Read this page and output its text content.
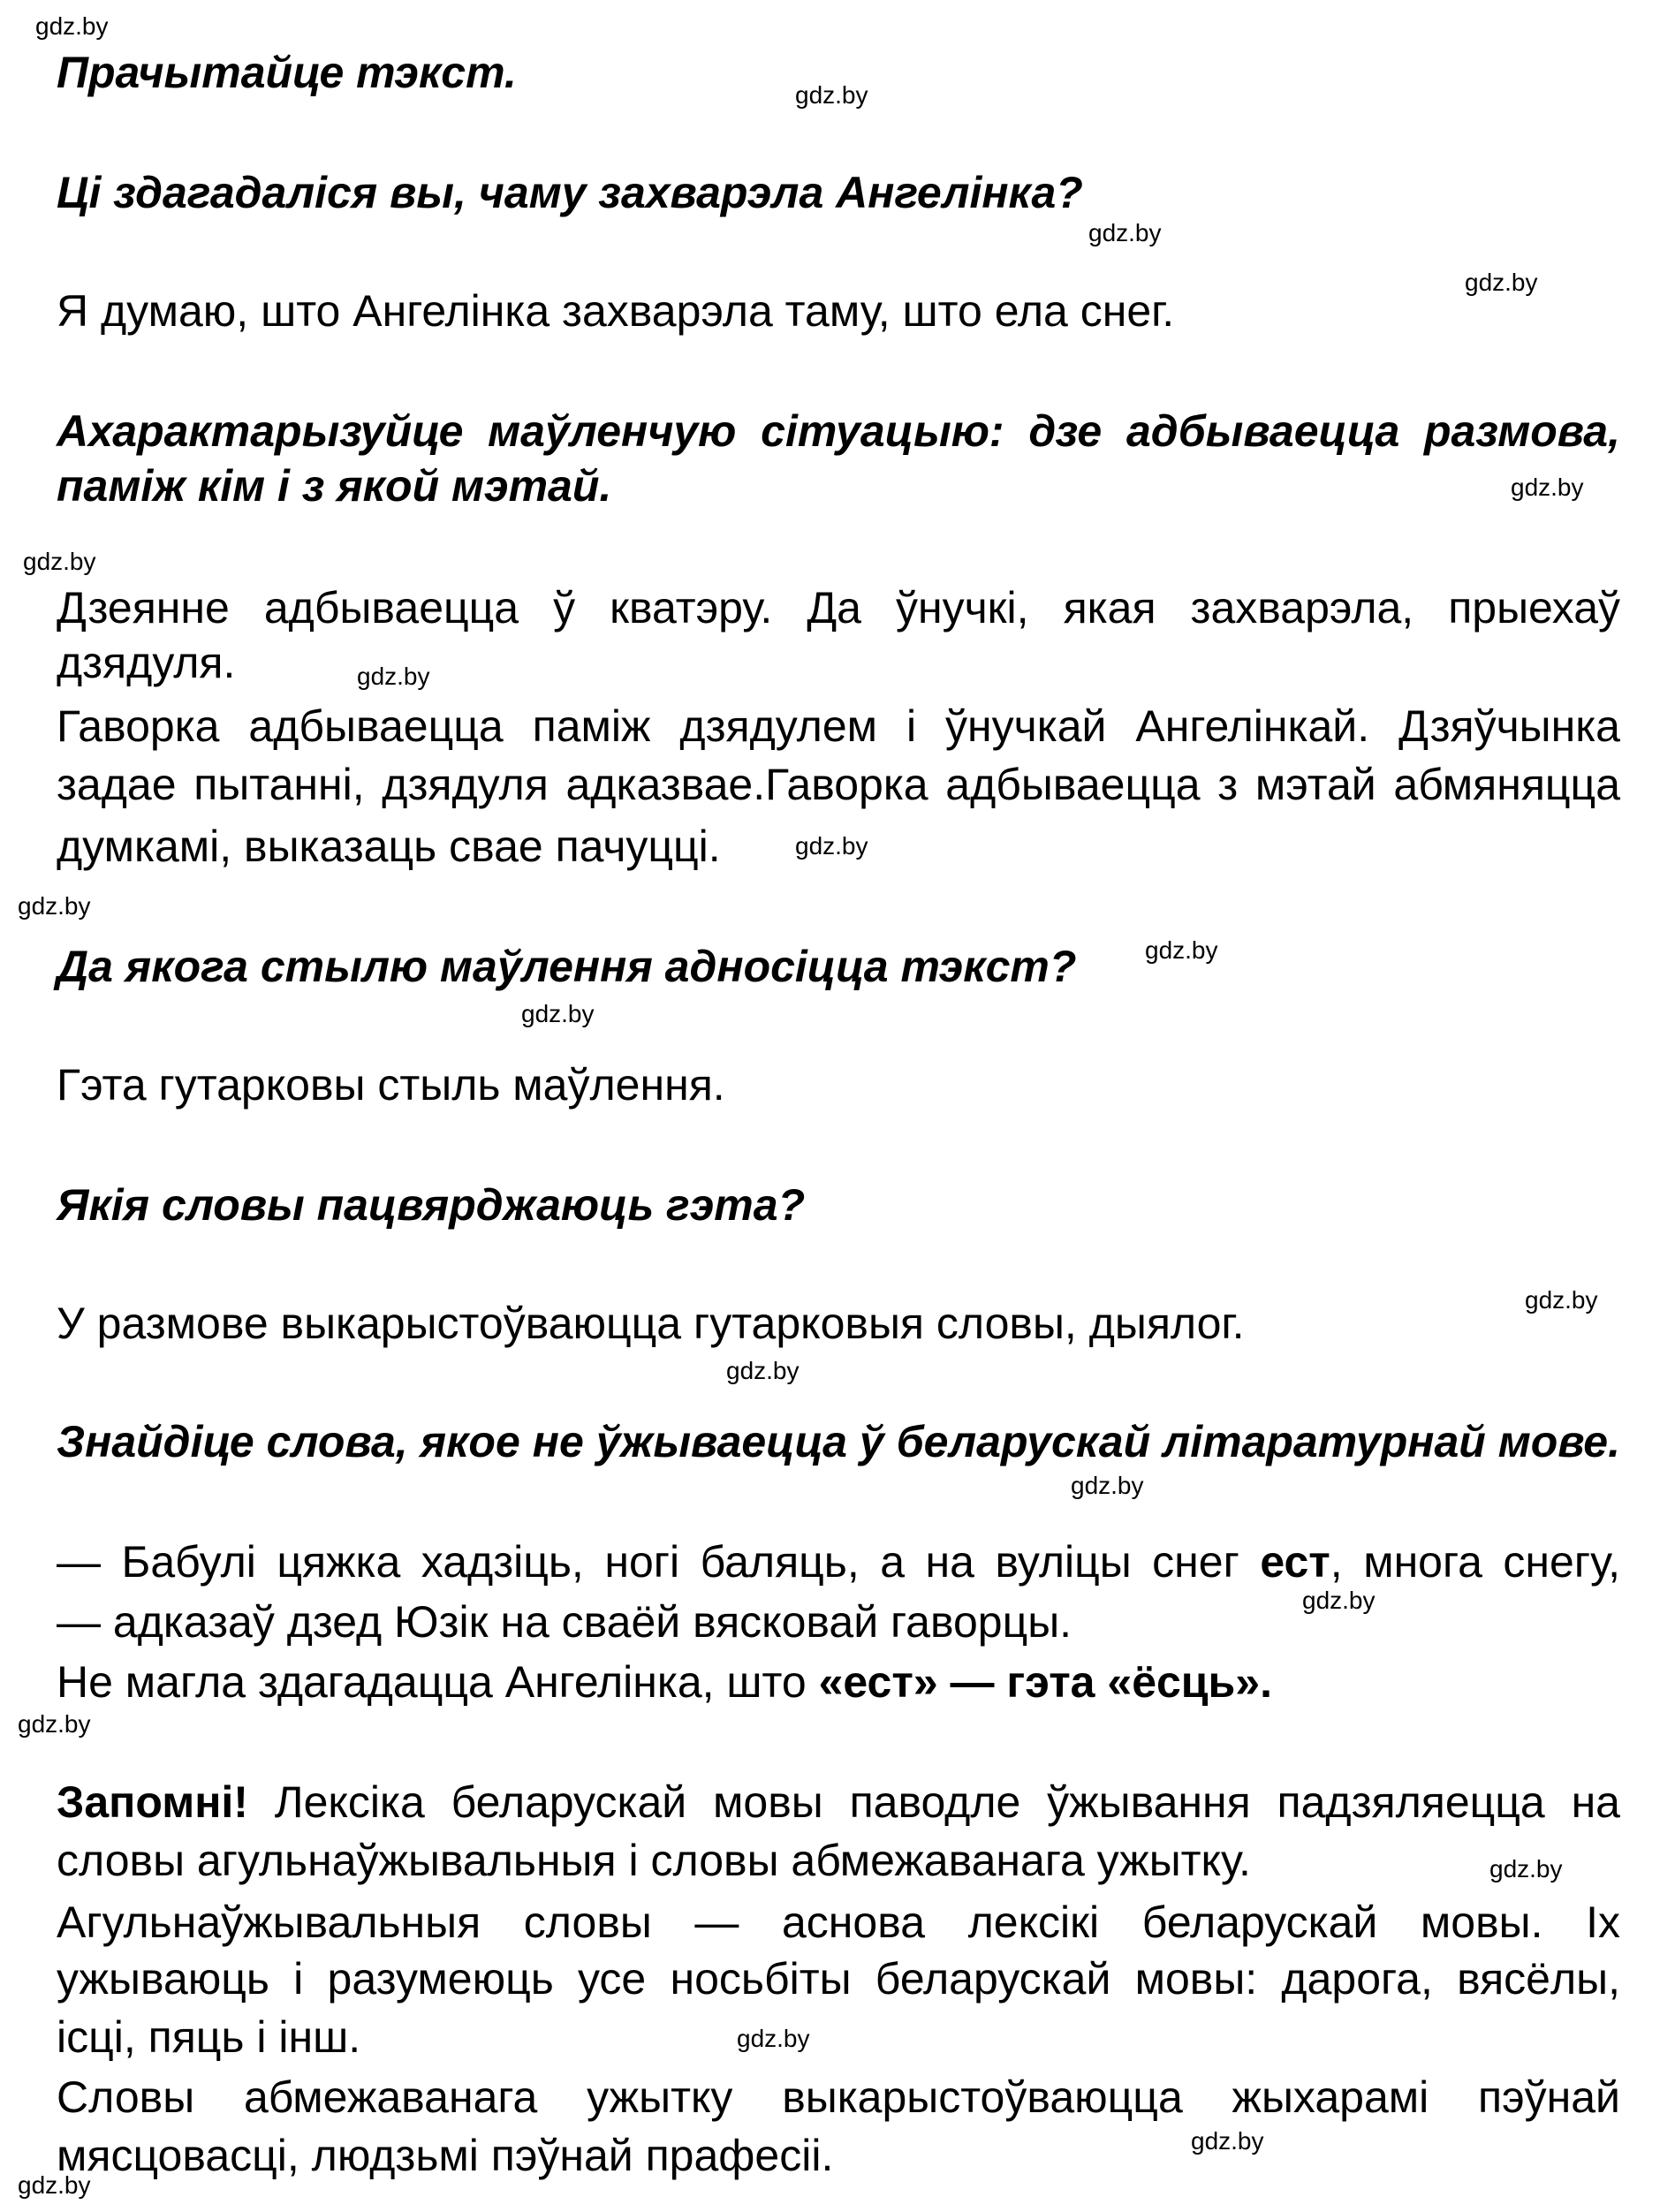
gdz.by
gdz.by
gdz.by
gdz.by
gdz.by
gdz.by
gdz.by
gdz.by
gdz.by
gdz.by
gdz.by
gdz.by
gdz.by
gdz.by
gdz.by
gdz.by
gdz.by
gdz.by
gdz.by
gdz.by

Прачытайце тэкст.

Ці здагадаліся вы, чаму захварэла Ангелінка?

Я думаю, што Ангелінка захварэла таму, што ела снег.

Ахарактарызуйце маўленчую сітуацыю: дзе адбываецца размова,

паміж кім і з якой мэтай.

Дзеянне адбываецца ў кватэру. Да ўнучкі, якая захварэла, прыехаў

дзядуля.

Гаворка адбываецца паміж дзядулем і ўнучкай Ангелінкай. Дзяўчынка

задае пытанні, дзядуля адказвае.Гаворка адбываецца з мэтай абмяняцца

думкамі, выказаць свае пачуцці.

Да якога стылю маўлення адносіцца тэкст?

Гэта гутарковы стыль маўлення.

Якія словы пацвярджаюць гэта?

У размове выкарыстоўваюцца гутарковыя словы, дыялог.

Знайдіце слова, якое не ўжываецца ў беларускай літаратурнай мове.

— Бабулі цяжка хадзіць, ногі баляць, а на вуліцы снег ест, многа снегу,

— адказаў дзед Юзік на сваёй вясковай гаворцы.

Не магла здагадацца Ангелінка, што «ест» — гэта «ёсць».

Запомні! Лексіка беларускай мовы паводле ўжывання падзяляецца на

словы агульнаўжывальныя і словы абмежаванага ужытку.

Агульнаўжывальныя словы — аснова лексікі беларускай мовы. Іх

ужываюць і разумеюць усе носьбіты беларускай мовы: дарога, вясёлы,

ісці, пяць і інш.

Словы абмежаванага ужытку выкарыстоўваюцца жыхарамі пэўнай

мясцовасці, людзьмі пэўнай прафесіі.
